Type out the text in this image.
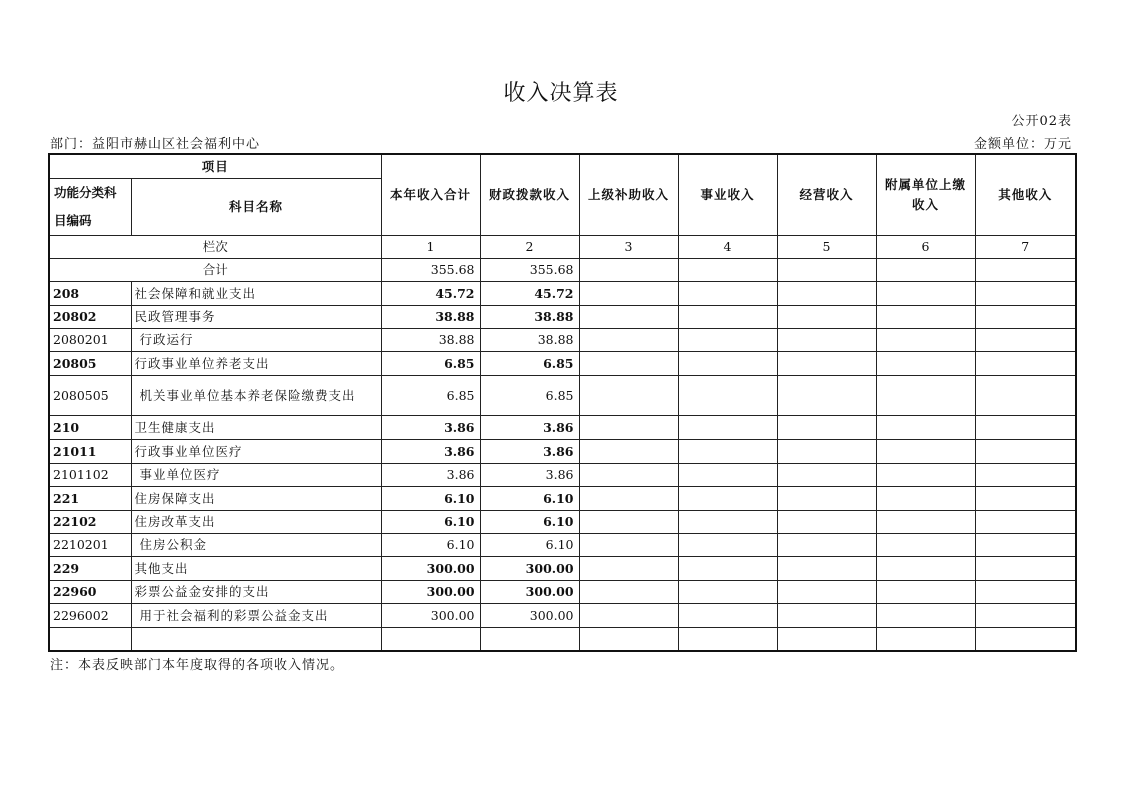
收入决算表
公开02表
部门：益阳市赫山区社会福利中心	金额单位：万元
项目		本年收入合计	财政拨款收入	上级补助收入	事业收入	经营收入	附属单位上缴收入	其他收入
功能分类科目编码	科目名称							
栏次		1	2	3	4	5	6	7
合计		355.68	355.68					
208	社会保障和就业支出	45.72	45.72					
20802	民政管理事务	38.88	38.88					
2080201	行政运行	38.88	38.88					
20805	行政事业单位养老支出	6.85	6.85					
2080505	机关事业单位基本养老保险缴费支出	6.85	6.85					
210	卫生健康支出	3.86	3.86					
21011	行政事业单位医疗	3.86	3.86					
2101102	事业单位医疗	3.86	3.86					
221	住房保障支出	6.10	6.10					
22102	住房改革支出	6.10	6.10					
2210201	住房公积金	6.10	6.10					
229	其他支出	300.00	300.00					
22960	彩票公益金安排的支出	300.00	300.00					
2296002	用于社会福利的彩票公益金支出	300.00	300.00					

注：本表反映部门本年度取得的各项收入情况。
